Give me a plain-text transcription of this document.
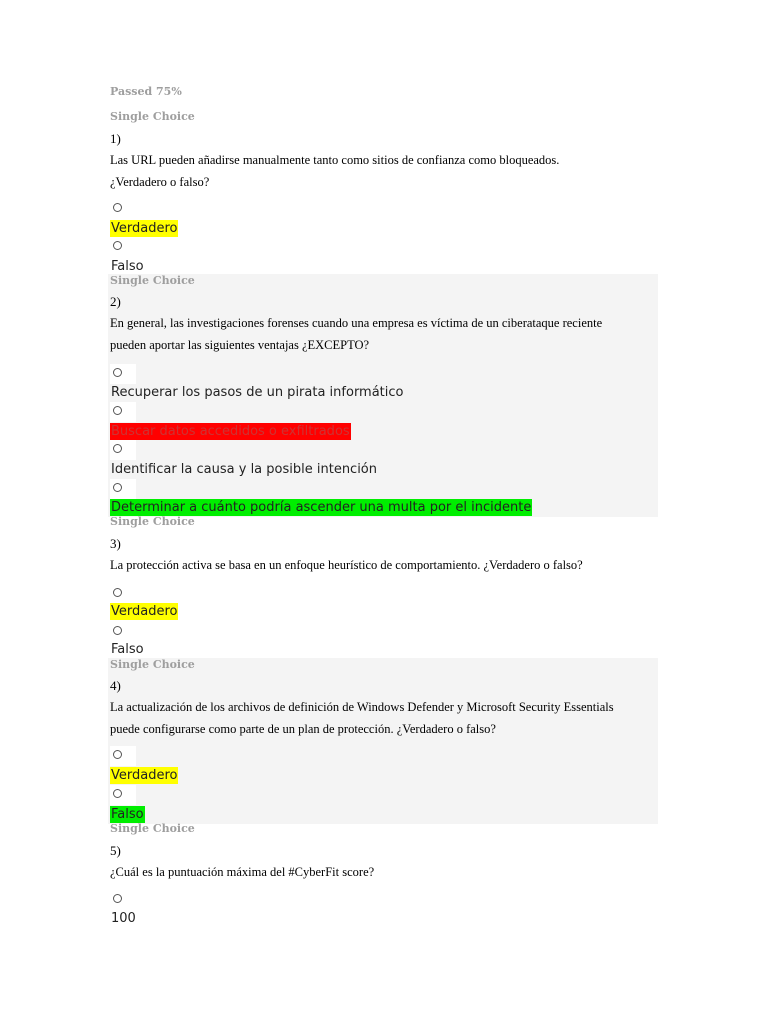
Passed 75%
Single Choice
1)
Las URL pueden añadirse manualmente tanto como sitios de confianza como bloqueados.
¿Verdadero o falso?
Verdadero
Falso
Single Choice
2)
En general, las investigaciones forenses cuando una empresa es víctima de un ciberataque reciente
pueden aportar las siguientes ventajas ¿EXCEPTO?
Recuperar los pasos de un pirata informático
Buscar datos accedidos o exfiltrados
Identificar la causa y la posible intención
Determinar a cuánto podría ascender una multa por el incidente
Single Choice
3)
La protección activa se basa en un enfoque heurístico de comportamiento. ¿Verdadero o falso?
Verdadero
Falso
Single Choice
4)
La actualización de los archivos de definición de Windows Defender y Microsoft Security Essentials
puede configurarse como parte de un plan de protección. ¿Verdadero o falso?
Verdadero
Falso
Single Choice
5)
¿Cuál es la puntuación máxima del #CyberFit score?
100
